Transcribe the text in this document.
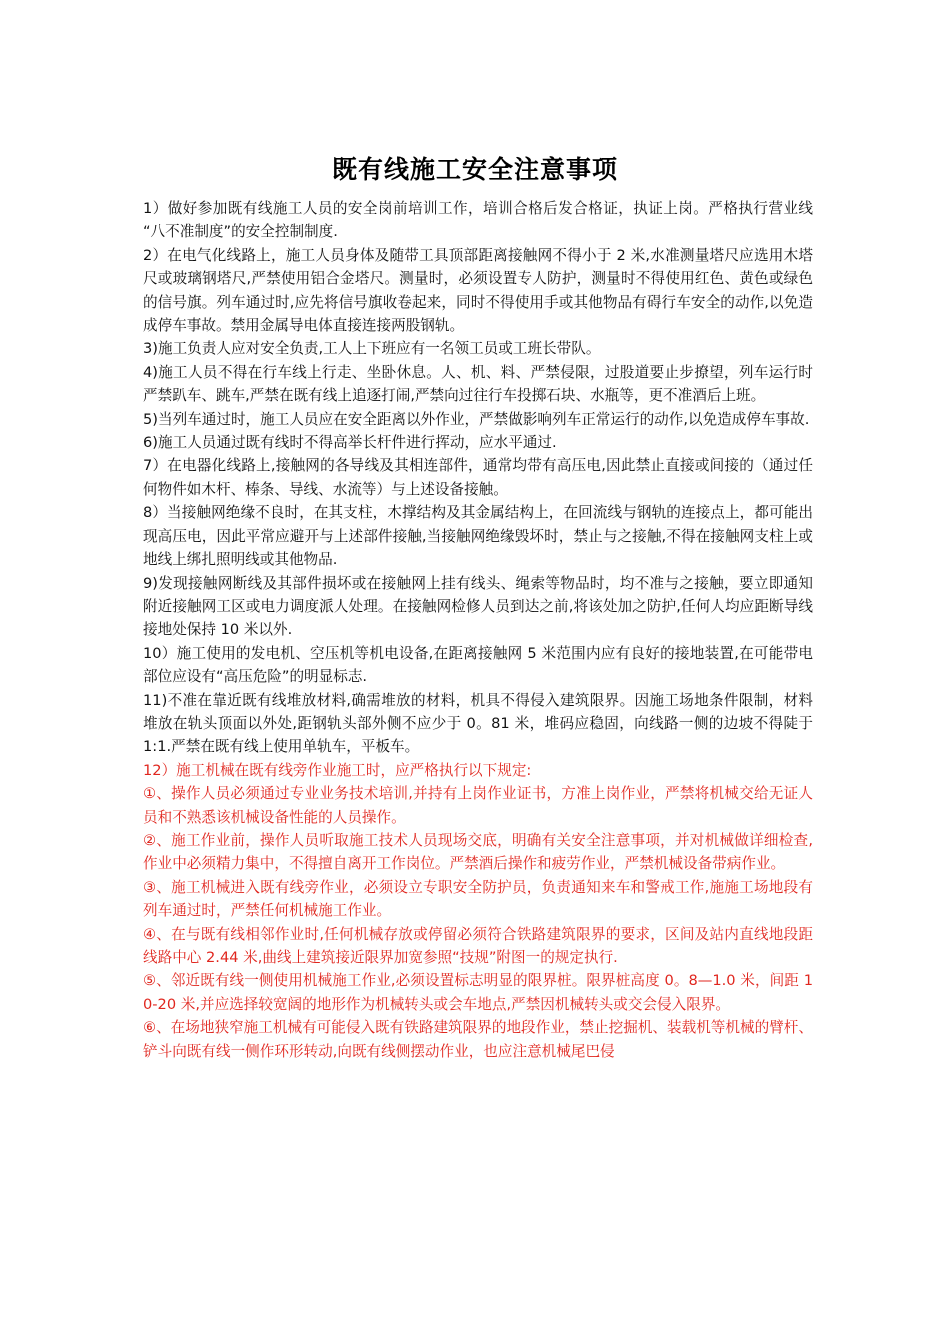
既有线施工安全注意事项

1）做好参加既有线施工人员的安全岗前培训工作，培训合格后发合格证，执证上岗。严格执行营业线 “八不准制度”的安全控制制度.

2）在电气化线路上，施工人员身体及随带工具顶部距离接触网不得小于 2 米,水准测量塔尺应选用木塔尺或玻璃钢塔尺,严禁使用铝合金塔尺。测量时，必须设置专人防护，测量时不得使用红色、黄色或绿色的信号旗。列车通过时,应先将信号旗收卷起来，同时不得使用手或其他物品有碍行车安全的动作,以免造成停车事故。禁用金属导电体直接连接两股钢轨。

3)施工负责人应对安全负责,工人上下班应有一名领工员或工班长带队。

4)施工人员不得在行车线上行走、坐卧休息。人、机、料、严禁侵限，过股道要止步撩望，列车运行时严禁趴车、跳车,严禁在既有线上追逐打闹,严禁向过往行车投掷石块、水瓶等，更不准酒后上班。

5)当列车通过时，施工人员应在安全距离以外作业，严禁做影响列车正常运行的动作,以免造成停车事故.

6)施工人员通过既有线时不得高举长杆件进行挥动，应水平通过.

7）在电器化线路上,接触网的各导线及其相连部件，通常均带有高压电,因此禁止直接或间接的（通过任何物件如木杆、棒条、导线、水流等）与上述设备接触。

8）当接触网绝缘不良时，在其支柱，木撑结构及其金属结构上，在回流线与钢轨的连接点上，都可能出现高压电，因此平常应避开与上述部件接触,当接触网绝缘毁坏时，禁止与之接触,不得在接触网支柱上或地线上绑扎照明线或其他物品.

9)发现接触网断线及其部件损坏或在接触网上挂有线头、绳索等物品时，均不准与之接触，要立即通知附近接触网工区或电力调度派人处理。在接触网检修人员到达之前,将该处加之防护,任何人均应距断导线接地处保持 10 米以外.

10）施工使用的发电机、空压机等机电设备,在距离接触网 5 米范围内应有良好的接地装置,在可能带电部位应设有“高压危险”的明显标志.

11)不准在靠近既有线堆放材料,确需堆放的材料，机具不得侵入建筑限界。因施工场地条件限制，材料堆放在轨头顶面以外处,距钢轨头部外侧不应少于 0。81 米，堆码应稳固，向线路一侧的边坡不得陡于 1:1.严禁在既有线上使用单轨车，平板车。

12）施工机械在既有线旁作业施工时，应严格执行以下规定:

①、操作人员必须通过专业业务技术培训,并持有上岗作业证书，方准上岗作业，严禁将机械交给无证人员和不熟悉该机械设备性能的人员操作。

②、施工作业前，操作人员听取施工技术人员现场交底，明确有关安全注意事项，并对机械做详细检查,作业中必须精力集中，不得擅自离开工作岗位。严禁酒后操作和疲劳作业，严禁机械设备带病作业。

③、施工机械进入既有线旁作业，必须设立专职安全防护员，负责通知来车和警戒工作,施施工场地段有列车通过时，严禁任何机械施工作业。

④、在与既有线相邻作业时,任何机械存放或停留必须符合铁路建筑限界的要求，区间及站内直线地段距线路中心 2.44 米,曲线上建筑接近限界加宽参照“技规”附图一的规定执行.

⑤、邻近既有线一侧使用机械施工作业,必须设置标志明显的限界桩。限界桩高度 0。8—1.0 米，间距 10-20 米,并应选择较宽阔的地形作为机械转头或会车地点,严禁因机械转头或交会侵入限界。

⑥、在场地狭窄施工机械有可能侵入既有铁路建筑限界的地段作业，禁止挖掘机、装载机等机械的臂杆、铲斗向既有线一侧作环形转动,向既有线侧摆动作业，也应注意机械尾巴侵
